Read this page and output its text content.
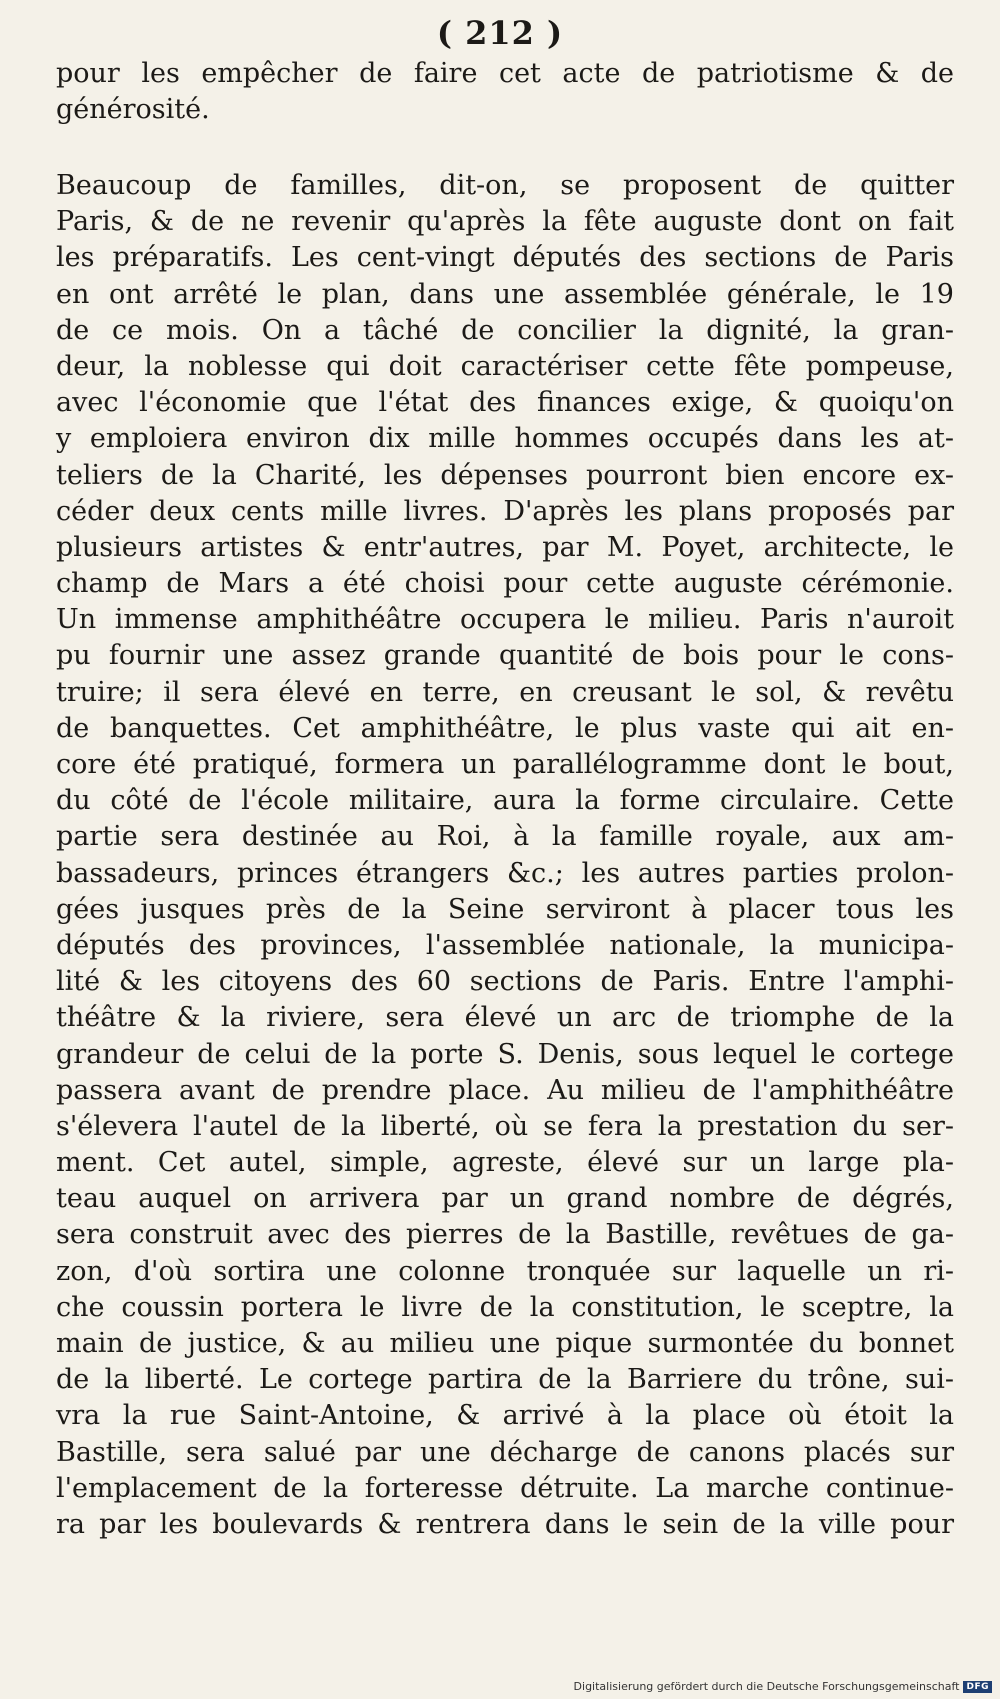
( 212 )
pour les empêcher de faire cet acte de patriotisme & de
générosité.
Beaucoup de familles, dit-on, se proposent de quitter
Paris, & de ne revenir qu'après la fête auguste dont on fait
les préparatifs. Les cent-vingt députés des sections de Paris
en ont arrêté le plan, dans une assemblée générale, le 19
de ce mois. On a tâché de concilier la dignité, la gran-
deur, la noblesse qui doit caractériser cette fête pompeuse,
avec l'économie que l'état des finances exige, & quoiqu'on
y emploiera environ dix mille hommes occupés dans les at-
teliers de la Charité, les dépenses pourront bien encore ex-
céder deux cents mille livres. D'après les plans proposés par
plusieurs artistes & entr'autres, par M. Poyet, architecte, le
champ de Mars a été choisi pour cette auguste cérémonie.
Un immense amphithéâtre occupera le milieu. Paris n'auroit
pu fournir une assez grande quantité de bois pour le cons-
truire; il sera élevé en terre, en creusant le sol, & revêtu
de banquettes. Cet amphithéâtre, le plus vaste qui ait en-
core été pratiqué, formera un parallélogramme dont le bout,
du côté de l'école militaire, aura la forme circulaire. Cette
partie sera destinée au Roi, à la famille royale, aux am-
bassadeurs, princes étrangers &c.; les autres parties prolon-
gées jusques près de la Seine serviront à placer tous les
députés des provinces, l'assemblée nationale, la municipa-
lité & les citoyens des 60 sections de Paris. Entre l'amphi-
théâtre & la riviere, sera élevé un arc de triomphe de la
grandeur de celui de la porte S. Denis, sous lequel le cortege
passera avant de prendre place. Au milieu de l'amphithéâtre
s'élevera l'autel de la liberté, où se fera la prestation du ser-
ment. Cet autel, simple, agreste, élevé sur un large pla-
teau auquel on arrivera par un grand nombre de dégrés,
sera construit avec des pierres de la Bastille, revêtues de ga-
zon, d'où sortira une colonne tronquée sur laquelle un ri-
che coussin portera le livre de la constitution, le sceptre, la
main de justice, & au milieu une pique surmontée du bonnet
de la liberté. Le cortege partira de la Barriere du trône, sui-
vra la rue Saint-Antoine, & arrivé à la place où étoit la
Bastille, sera salué par une décharge de canons placés sur
l'emplacement de la forteresse détruite. La marche continue-
ra par les boulevards & rentrera dans le sein de la ville pour
Digitalisierung gefördert durch die Deutsche Forschungsgemeinschaft DFG
